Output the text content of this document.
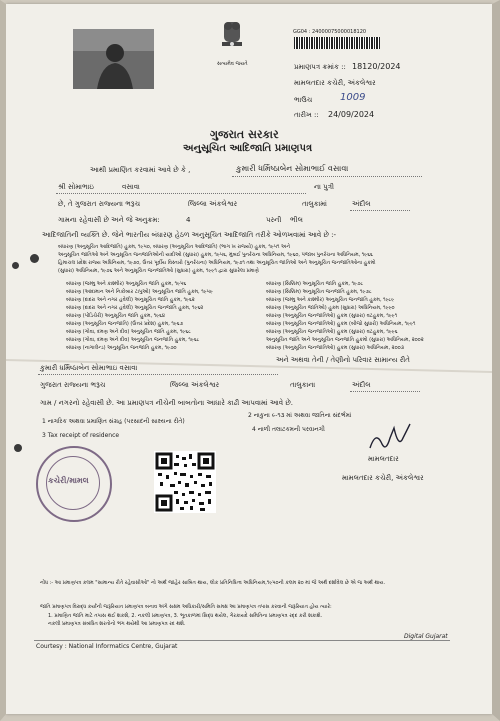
સત્યમેવ જયતે
GG04 : 24000075000018120
પ્રમાણપત્ર ક્રમાંક :: 18120/2024
મામલતદાર કચેરી, અંકલેશ્વર
ભાઉચ	1009
તારીખ :: 24/09/2024
ગુજરાત સરકાર
અનુસૂચિત આદિજાતિ પ્રમાણપત્ર
આથી પ્રમાણિત કરવામાં આવે છે કે ,	કુમારી ધર્મિષ્ઠાબેન સોમાભાઈ વસાવા
શ્રી સોમાભાઇ	વસાવા	ના પુત્રી
છે, તે ગુજરાત રાજ્યના ભરૂચ	જિલ્લા અંકલેશ્વર	તાલુકામાં	અંદીલ
ગામના રહેવાસી છે અને જે અનુક્રમ:	4	પરની ભીલ
આદિજાતિની વ્યક્તિ છે. જેને ભારતીય બંધારણ હેઠળ અનુસૂચિત આદિજાતિ તરીકે ઓળખવામાં આવે છે :-
બંધારણ (અનુસૂચિત આદિજાતિ) હુકમ, ૧૯૫૦, બંધારણ (અનુસૂચિત આદિજાતિ) (ભાગ ખ રાજ્યો) હુકમ, ૧૯૫૧ અને
અનુસૂચિત જાતિઓ અને અનુસૂચિત જનજાતિઓની યાદીઓ (સુધારા) હુકમ, ૧૯૫૬, મુંબઈ પુનર્રચના અધિનિયમ, ૧૯૬૦, પંજાબ પુનર્રચના અધિનિયમ, ૧૯૬૬
હિમાચલ પ્રદેશ રાજ્ય અધિનિયમ, ૧૯૭૦, ઉત્તર પૂર્વીય વિસ્તારો (પુનર્રચના) અધિનિયમ, ૧૯૭૧ તથા અનુસૂચિત જાતિઓ અને અનુસૂચિત જનજાતિઓના હુકમો
(સુધારા) અધિનિયમ, ૧૯૭૬ અને અનુસૂચિત જનજાતિઓ (સુધારા) હુકમ, ૧૯૯૧ દ્વારા સુધારેલા પ્રમાણે
બંધારણ (જમ્મુ અને કાશ્મીર) અનુસૂચિત જાતિ હુકમ, ૧૯૫૬
બંધારણ (આંદામાન અને નિકોબાર ટાપુઓ) અનુસૂચિત જાતિ હુકમ, ૧૯૫૯
બંધારણ (દાદરા અને નગર હવેલી) અનુસૂચિત જાતિ હુકમ, ૧૯૬૨
બંધારણ (દાદરા અને નગર હવેલી) અનુસૂચિત જનજાતિ હુકમ, ૧૯૬૨
બંધારણ (પોંડિચેરી) અનુસૂચિત જાતિ હુકમ, ૧૯૬૪
બંધારણ (અનુસૂચિત જનજાતિ) (ઉત્તર પ્રદેશ) હુકમ, ૧૯૬૭
બંધારણ (ગોવા, દમણ અને દીવ) અનુસૂચિત જાતિ હુકમ, ૧૯૬૮
બંધારણ (ગોવા, દમણ અને દીવ) અનુસૂચિત જનજાતિ હુકમ, ૧૯૬૮
બંધારણ (નાગાલેન્ડ) અનુસૂચિત જનજાતિ હુકમ, ૧૯૭૦
બંધારણ (સિક્કિમ) અનુસૂચિત જાતિ હુકમ, ૧૯૭૮
બંધારણ (સિક્કિમ) અનુસૂચિત જનજાતિ હુકમ, ૧૯૭૮
બંધારણ (જમ્મુ અને કાશ્મીર) અનુસૂચિત જનજાતિ હુકમ, ૧૯૮૯
બંધારણ (અનુસૂચિત જાતિઓ) હુકમ (સુધારા) અધિનિયમ, ૧૯૯૦
બંધારણ (અનુસૂચિત જનજાતિઓ) હુકમ (સુધારા) વટહુકમ, ૧૯૯૧
બંધારણ (અનુસૂચિત જનજાતિઓ) હુકમ (બીજો સુધારો) અધિનિયમ, ૧૯૯૧
બંધારણ (અનુસૂચિત જનજાતિઓ) હુકમ (સુધારા) વટહુકમ, ૧૯૯૬
અનુસૂચિત જાતિ અને અનુસૂચિત જનજાતિ હુકમો (સુધારા) અધિનિયમ, ૨૦૦૨
બંધારણ (અનુસૂચિત જનજાતિઓ) હુકમ (સુધારા) અધિનિયમ, ૨૦૦૩
અને અથવા તેની / તેણીનો પરિવાર સામાન્ય રીતે
કુમારી ધર્મિષ્ઠાબેન સોમાભાઇ વસાવા
ગુજરાત રાજ્યના ભરૂચ	જિલ્લા અંકલેશ્વર	તાલુકાના	અંદીલ
ગામ / નગરનો રહેવાસી છે. આ પ્રમાણપત્ર નીચેની બાબતોના આધારે કાઢી આપવામાં આવે છે.
1 નાગરિક અથવા પ્રમાણિત સંગ્રહ (પરસાદની સાક્ષ્યના રીતે)
2 નાકુના ૯-૧૩ માં અથવા જાતિના સંદર્ભમાં
3 Tax receipt of residence
4 નાળી તલાટકમની પરવાનગી
કચેરી/મામલ
મામલતદાર
મામલતદાર કચેરી, અંકલેશ્વર
નોંધ :- આ પ્રમાણપત્ર કલમ "સામાન્ય રીતે રહેવાસીઓ" નો અર્થ જાહેર સાબિત થાય, લોક પ્રતિનિધિત્વ અધિનિયમ,૧૯૫૦ની કલમ ૨૦ માં જે અર્થ દર્શાવેલ છે એ જ અર્થ થાય.
જાતિ પ્રમાણપત્ર વિરુદ્ધ કર્યાંની જરૂરિયાત પ્રમાણપત્ર બનાવ અંગે સક્ષમ અધિકારી/સમિતિ સમક્ષ આ પ્રમાણપત્ર તપાસ કરવાની જરૂરિયાત હોય ત્યારે:
1. પ્રમાણિત જાતિ માટે તપાસ થઈ શકશે, 2. નકલી પ્રમાણપત્ર, 3. ભૂતકાળમાં સિદ્ધ થયેલ, ગેરકાયદે સમિતિના પ્રમાણપત્ર રદ્દ કરી શકાશે.
નકલી પ્રમાણપત્ર સંબંધિત શરતોનો ભંગ થયેથી આ પ્રમાણપત્ર રદ થશે.
Courtesy : National Informatics Centre, Gujarat
Digital Gujarat
